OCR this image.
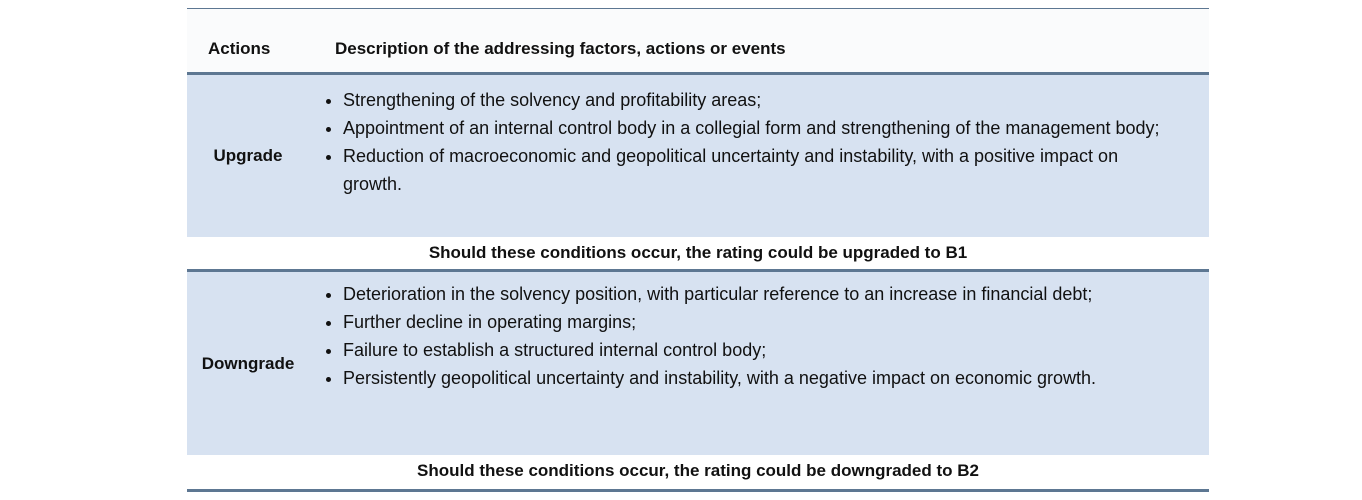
Actions	Description of the addressing factors, actions or events
Upgrade
• Strengthening of the solvency and profitability areas;
• Appointment of an internal control body in a collegial form and strengthening of the management body;
• Reduction of macroeconomic and geopolitical uncertainty and instability, with a positive impact on growth.
Should these conditions occur, the rating could be upgraded to B1
Downgrade
• Deterioration in the solvency position, with particular reference to an increase in financial debt;
• Further decline in operating margins;
• Failure to establish a structured internal control body;
• Persistently geopolitical uncertainty and instability, with a negative impact on economic growth.
Should these conditions occur, the rating could be downgraded to B2
